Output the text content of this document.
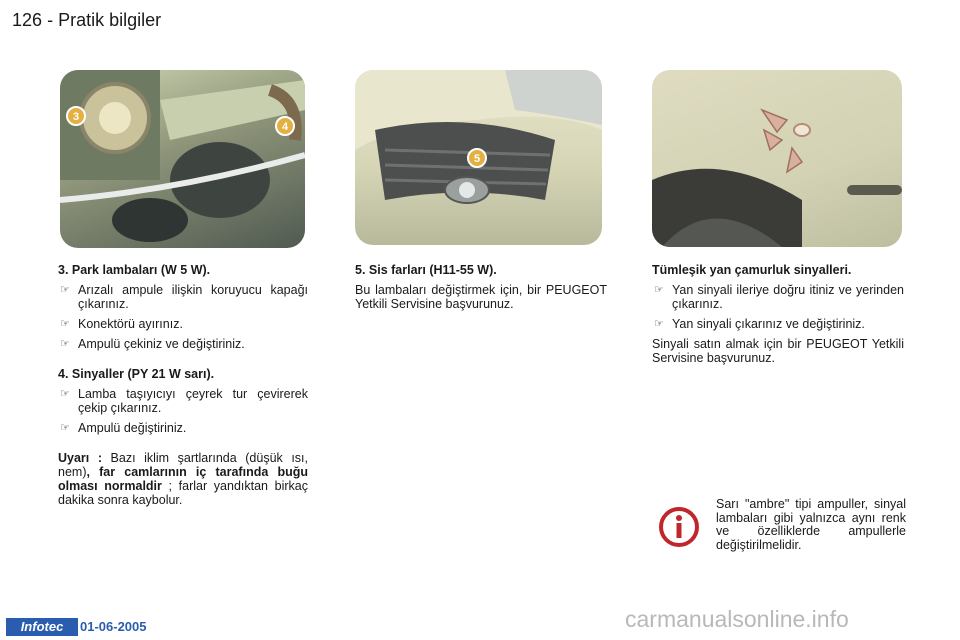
126 - Pratik bilgiler
3
4
5
3. Park lambaları (W 5 W).
☞ Arızalı ampule ilişkin koruyucu kapağı çıkarınız.
☞ Konektörü ayırınız.
☞ Ampulü çekiniz ve değiştiriniz.
4. Sinyaller (PY 21 W sarı).
☞ Lamba taşıyıcıyı çeyrek tur çevirerek çekip çıkarınız.
☞ Ampulü değiştiriniz.
Uyarı : Bazı iklim şartlarında (düşük ısı, nem), far camlarının iç tarafında buğu olması normaldir ; farlar yandıktan birkaç dakika sonra kaybolur.
5. Sis farları (H11-55 W).
Bu lambaları değiştirmek için, bir PEUGEOT Yetkili Servisine başvurunuz.
Tümleşik yan çamurluk sinyalleri.
☞ Yan sinyali ileriye doğru itiniz ve yerinden çıkarınız.
☞ Yan sinyali çıkarınız ve değiştiriniz.
Sinyali satın almak için bir PEUGEOT Yetkili Servisine başvurunuz.
Sarı "ambre" tipi ampuller, sinyal lambaları gibi yalnızca aynı renk ve özelliklerde ampullerle değiştirilmelidir.
Infotec	01-06-2005	carmanualsonline.info
